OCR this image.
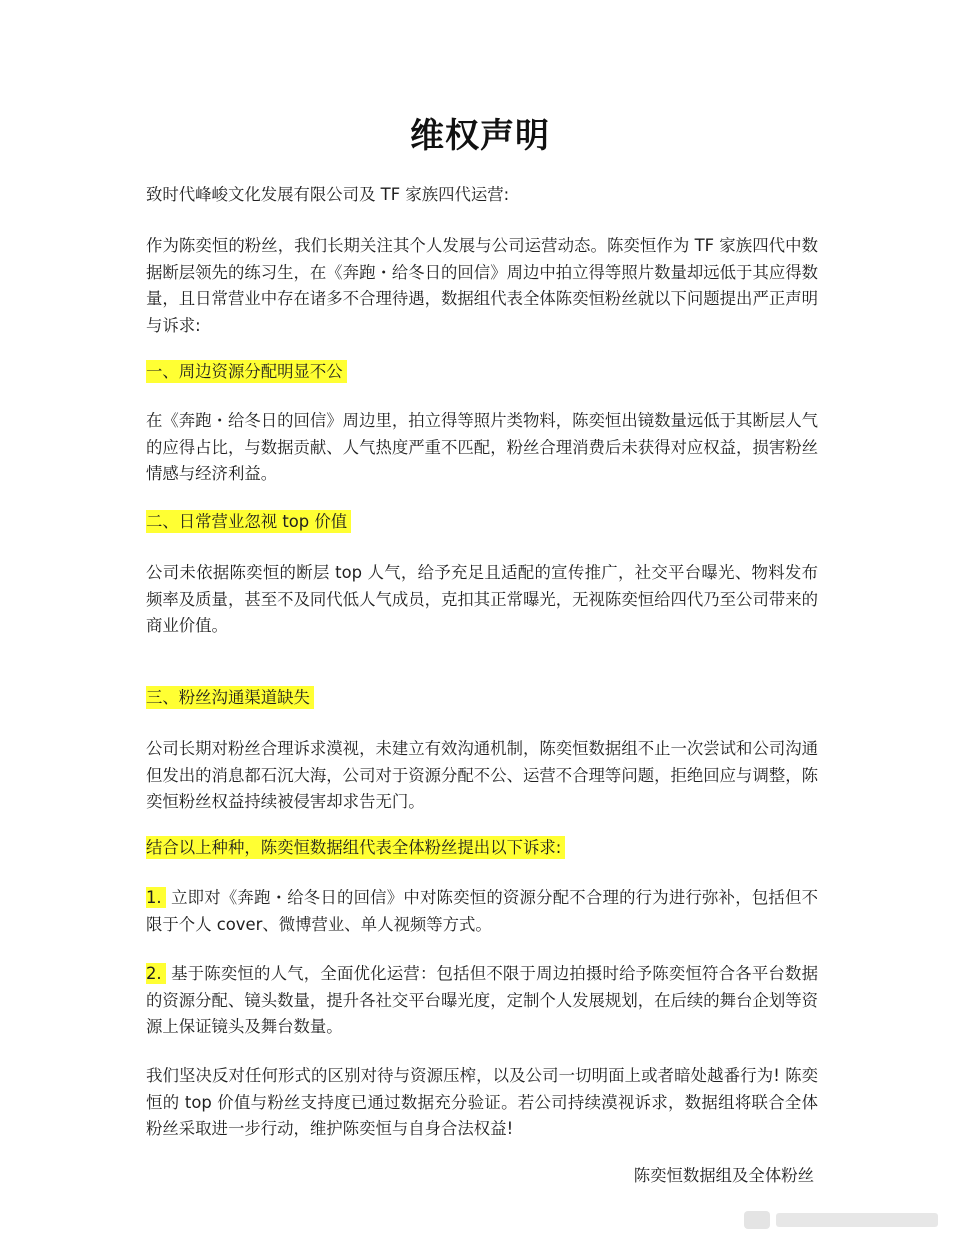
维权声明
致时代峰峻文化发展有限公司及 TF 家族四代运营:
作为陈奕恒的粉丝，我们长期关注其个人发展与公司运营动态。陈奕恒作为 TF 家族四代中数据断层领先的练习生，在《奔跑・给冬日的回信》周边中拍立得等照片数量却远低于其应得数量，且日常营业中存在诸多不合理待遇，数据组代表全体陈奕恒粉丝就以下问题提出严正声明与诉求:
一、周边资源分配明显不公
在《奔跑・给冬日的回信》周边里，拍立得等照片类物料，陈奕恒出镜数量远低于其断层人气的应得占比，与数据贡献、人气热度严重不匹配，粉丝合理消费后未获得对应权益，损害粉丝情感与经济利益。
二、日常营业忽视 top 价值
公司未依据陈奕恒的断层 top 人气，给予充足且适配的宣传推广，社交平台曝光、物料发布频率及质量，甚至不及同代低人气成员，克扣其正常曝光，无视陈奕恒给四代乃至公司带来的商业价值。
三、粉丝沟通渠道缺失
公司长期对粉丝合理诉求漠视，未建立有效沟通机制，陈奕恒数据组不止一次尝试和公司沟通但发出的消息都石沉大海，公司对于资源分配不公、运营不合理等问题，拒绝回应与调整，陈奕恒粉丝权益持续被侵害却求告无门。
结合以上种种，陈奕恒数据组代表全体粉丝提出以下诉求:
1. 立即对《奔跑・给冬日的回信》中对陈奕恒的资源分配不合理的行为进行弥补，包括但不限于个人 cover、微博营业、单人视频等方式。
2. 基于陈奕恒的人气，全面优化运营：包括但不限于周边拍摄时给予陈奕恒符合各平台数据的资源分配、镜头数量，提升各社交平台曝光度，定制个人发展规划，在后续的舞台企划等资源上保证镜头及舞台数量。
我们坚决反对任何形式的区别对待与资源压榨，以及公司一切明面上或者暗处越番行为! 陈奕恒的 top 价值与粉丝支持度已通过数据充分验证。若公司持续漠视诉求，数据组将联合全体粉丝采取进一步行动，维护陈奕恒与自身合法权益!
陈奕恒数据组及全体粉丝
